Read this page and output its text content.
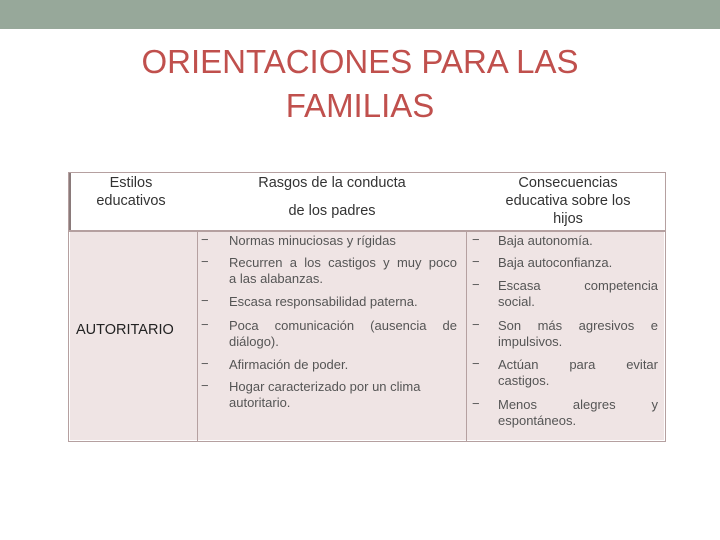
ORIENTACIONES PARA LAS
FAMILIAS
Estilos
educativos
Rasgos de la conducta
de los padres
Consecuencias
educativa sobre los
hijos
AUTORITARIO
− Normas minuciosas y rígidas
− Recurren a los castigos y muy poco
a las alabanzas.
− Escasa responsabilidad paterna.
− Poca comunicación (ausencia de
diálogo).
− Afirmación de poder.
− Hogar caracterizado por un clima
autoritario.
− Baja autonomía.
− Baja autoconfianza.
− Escasa competencia
social.
− Son más agresivos e
impulsivos.
− Actúan para evitar
castigos.
− Menos alegres y
espontáneos.
